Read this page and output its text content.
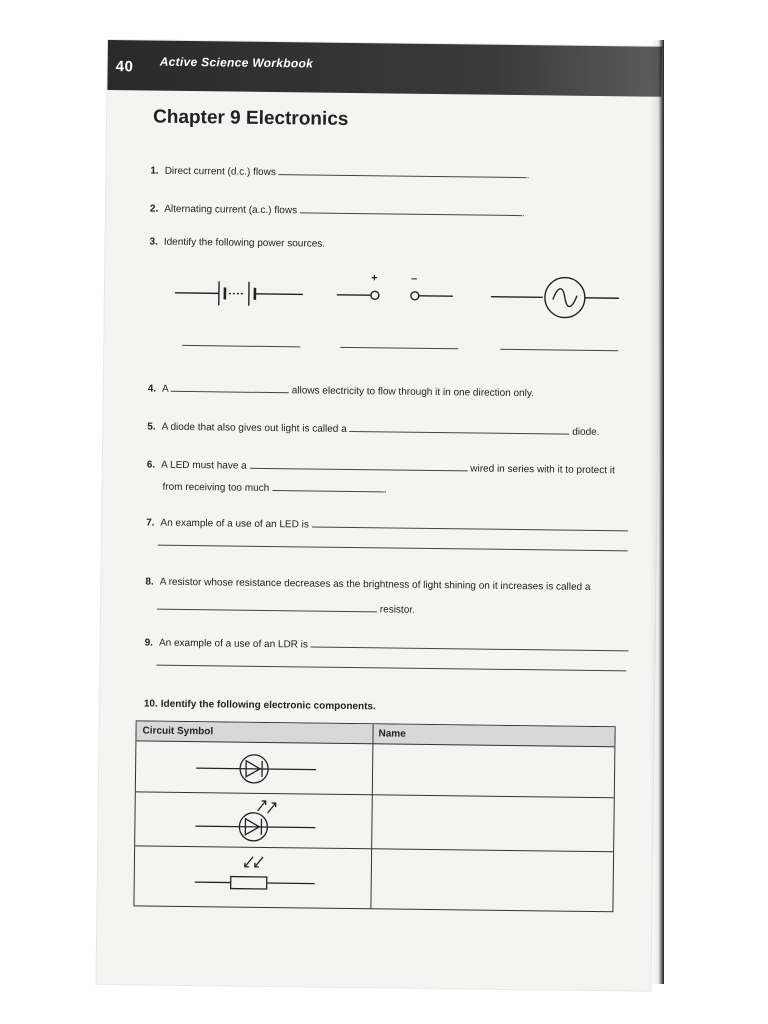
40 Active Science Workbook
Chapter 9 Electronics
1. Direct current (d.c.) flows	.
2. Alternating current (a.c.) flows	.
3. Identify the following power sources.
+	–
4. A	allows electricity to flow through it in one direction only.
5. A diode that also gives out light is called a	diode.
6. A LED must have a	wired in series with it to protect it
from receiving too much	.
7. An example of a use of an LED is
8. A resistor whose resistance decreases as the brightness of light shining on it increases is called a
resistor.
9. An example of a use of an LDR is
10. Identify the following electronic components.
Circuit Symbol	Name
